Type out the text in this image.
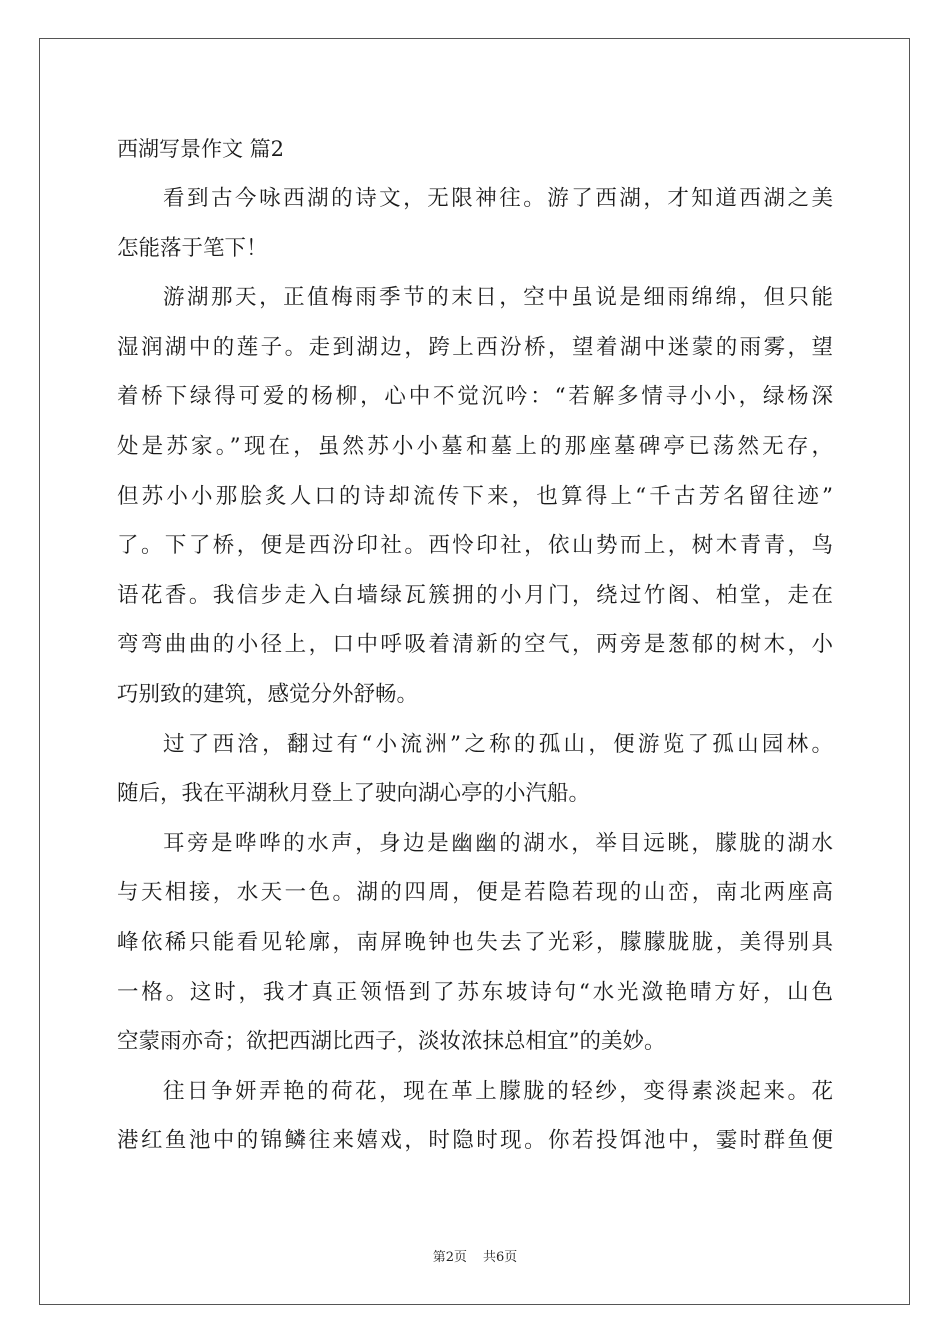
西湖写景作文 篇2
看到古今咏西湖的诗文，无限神往。游了西湖，才知道西湖之美
怎能落于笔下！
游湖那天，正值梅雨季节的末日，空中虽说是细雨绵绵，但只能
湿润湖中的莲子。走到湖边，跨上西汾桥，望着湖中迷蒙的雨雾，望
着桥下绿得可爱的杨柳，心中不觉沉吟：“若解多情寻小小，绿杨深
处是苏家。”现在，虽然苏小小墓和墓上的那座墓碑亭已荡然无存，
但苏小小那脍炙人口的诗却流传下来，也算得上“千古芳名留往迹”
了。下了桥，便是西汾印社。西怜印社，依山势而上，树木青青，鸟
语花香。我信步走入白墙绿瓦簇拥的小月门，绕过竹阁、柏堂，走在
弯弯曲曲的小径上，口中呼吸着清新的空气，两旁是葱郁的树木，小
巧别致的建筑，感觉分外舒畅。
过了西浛，翻过有“小流洲”之称的孤山，便游览了孤山园林。
随后，我在平湖秋月登上了驶向湖心亭的小汽船。
耳旁是哗哗的水声，身边是幽幽的湖水，举目远眺，朦胧的湖水
与天相接，水天一色。湖的四周，便是若隐若现的山峦，南北两座高
峰依稀只能看见轮廓，南屏晚钟也失去了光彩，朦朦胧胧，美得别具
一格。这时，我才真正领悟到了苏东坡诗句“水光潋艳晴方好，山色
空蒙雨亦奇；欲把西湖比西子，淡妆浓抹总相宜”的美妙。
往日争妍弄艳的荷花，现在革上朦胧的轻纱，变得素淡起来。花
港红鱼池中的锦鳞往来嬉戏，时隐时现。你若投饵池中，霎时群鱼便
第2页 共6页
